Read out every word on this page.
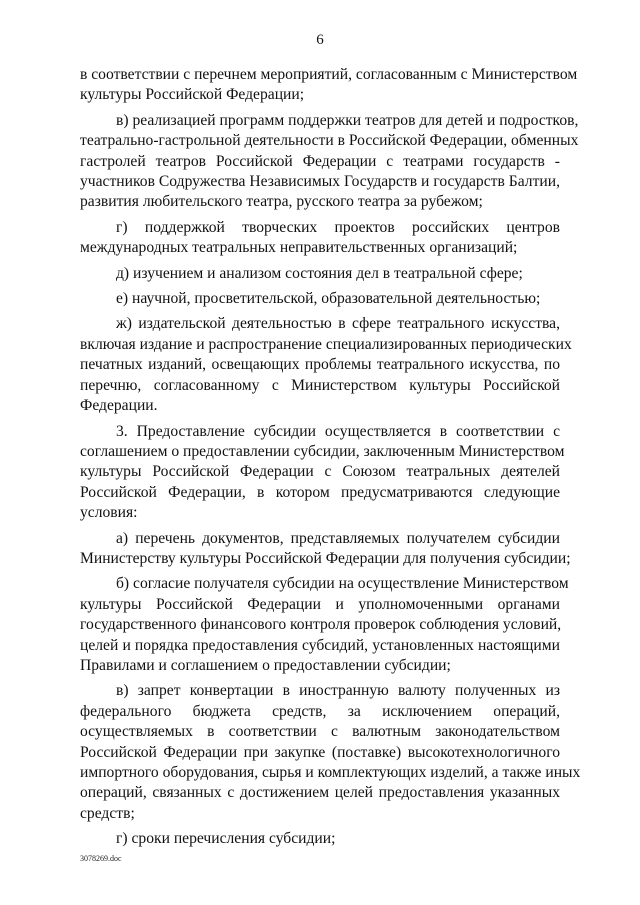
6

в соответствии с перечнем мероприятий, согласованным с Министерством

культуры Российской Федерации;

в) реализацией программ поддержки театров для детей и подростков,

театрально-гастрольной деятельности в Российской Федерации, обменных

гастролей театров Российской Федерации с театрами государств -

участников Содружества Независимых Государств и государств Балтии,

развития любительского театра, русского театра за рубежом;

г) поддержкой творческих проектов российских центров

международных театральных неправительственных организаций;

д) изучением и анализом состояния дел в театральной сфере;

е) научной, просветительской, образовательной деятельностью;

ж) издательской деятельностью в сфере театрального искусства,

включая издание и распространение специализированных периодических

печатных изданий, освещающих проблемы театрального искусства, по

перечню, согласованному с Министерством культуры Российской

Федерации.

3. Предоставление субсидии осуществляется в соответствии с

соглашением о предоставлении субсидии, заключенным Министерством

культуры Российской Федерации с Союзом театральных деятелей

Российской Федерации, в котором предусматриваются следующие

условия:

а) перечень документов, представляемых получателем субсидии

Министерству культуры Российской Федерации для получения субсидии;

б) согласие получателя субсидии на осуществление Министерством

культуры Российской Федерации и уполномоченными органами

государственного финансового контроля проверок соблюдения условий,

целей и порядка предоставления субсидий, установленных настоящими

Правилами и соглашением о предоставлении субсидии;

в) запрет конвертации в иностранную валюту полученных из

федерального бюджета средств, за исключением операций,

осуществляемых в соответствии с валютным законодательством

Российской Федерации при закупке (поставке) высокотехнологичного

импортного оборудования, сырья и комплектующих изделий, а также иных

операций, связанных с достижением целей предоставления указанных

средств;

г) сроки перечисления субсидии;

3078269.doc
